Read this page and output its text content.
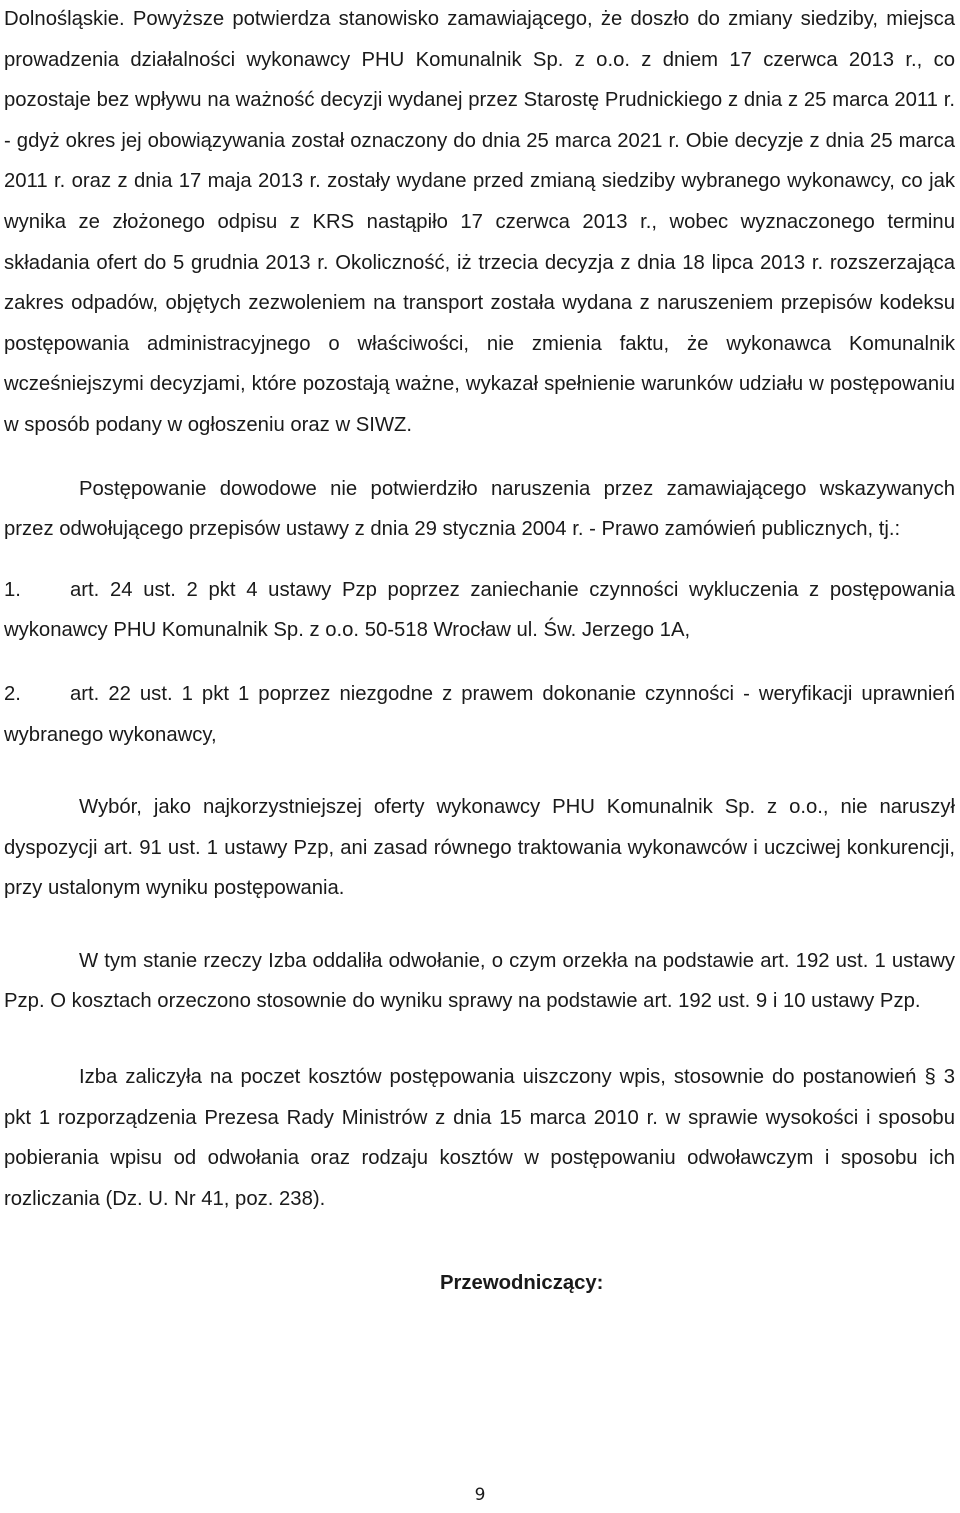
Dolnośląskie. Powyższe potwierdza stanowisko zamawiającego, że doszło do zmiany siedziby, miejsca prowadzenia działalności wykonawcy PHU Komunalnik Sp. z o.o. z dniem 17 czerwca 2013 r., co pozostaje bez wpływu na ważność decyzji wydanej przez Starostę Prudnickiego z dnia z 25 marca 2011 r. - gdyż okres jej obowiązywania został oznaczony do dnia 25 marca 2021 r. Obie decyzje z dnia 25 marca 2011 r. oraz z dnia 17 maja 2013 r. zostały wydane przed zmianą siedziby wybranego wykonawcy, co jak wynika ze złożonego odpisu z KRS nastąpiło 17 czerwca 2013 r., wobec wyznaczonego terminu składania ofert do 5 grudnia 2013 r. Okoliczność, iż trzecia decyzja z dnia 18 lipca 2013 r. rozszerzająca zakres odpadów, objętych zezwoleniem na transport została wydana z naruszeniem przepisów kodeksu postępowania administracyjnego o właściwości, nie zmienia faktu, że wykonawca Komunalnik wcześniejszymi decyzjami, które pozostają ważne, wykazał spełnienie warunków udziału w postępowaniu w sposób podany w ogłoszeniu oraz w SIWZ.

Postępowanie dowodowe nie potwierdziło naruszenia przez zamawiającego wskazywanych przez odwołującego przepisów ustawy z dnia 29 stycznia 2004 r. - Prawo zamówień publicznych, tj.:

1. art. 24 ust. 2 pkt 4 ustawy Pzp poprzez zaniechanie czynności wykluczenia z postępowania wykonawcy PHU Komunalnik Sp. z o.o. 50-518 Wrocław ul. Św. Jerzego 1A,

2. art. 22 ust. 1 pkt 1 poprzez niezgodne z prawem dokonanie czynności - weryfikacji uprawnień wybranego wykonawcy,

Wybór, jako najkorzystniejszej oferty wykonawcy PHU Komunalnik Sp. z o.o., nie naruszył dyspozycji art. 91 ust. 1 ustawy Pzp, ani zasad równego traktowania wykonawców i uczciwej konkurencji, przy ustalonym wyniku postępowania.

W tym stanie rzeczy Izba oddaliła odwołanie, o czym orzekła na podstawie art. 192 ust. 1 ustawy Pzp. O kosztach orzeczono stosownie do wyniku sprawy na podstawie art. 192 ust. 9 i 10 ustawy Pzp.

Izba zaliczyła na poczet kosztów postępowania uiszczony wpis, stosownie do postanowień § 3 pkt 1 rozporządzenia Prezesa Rady Ministrów z dnia 15 marca 2010 r. w sprawie wysokości i sposobu pobierania wpisu od odwołania oraz rodzaju kosztów w postępowaniu odwoławczym i sposobu ich rozliczania (Dz. U. Nr 41, poz. 238).

Przewodniczący:

9
